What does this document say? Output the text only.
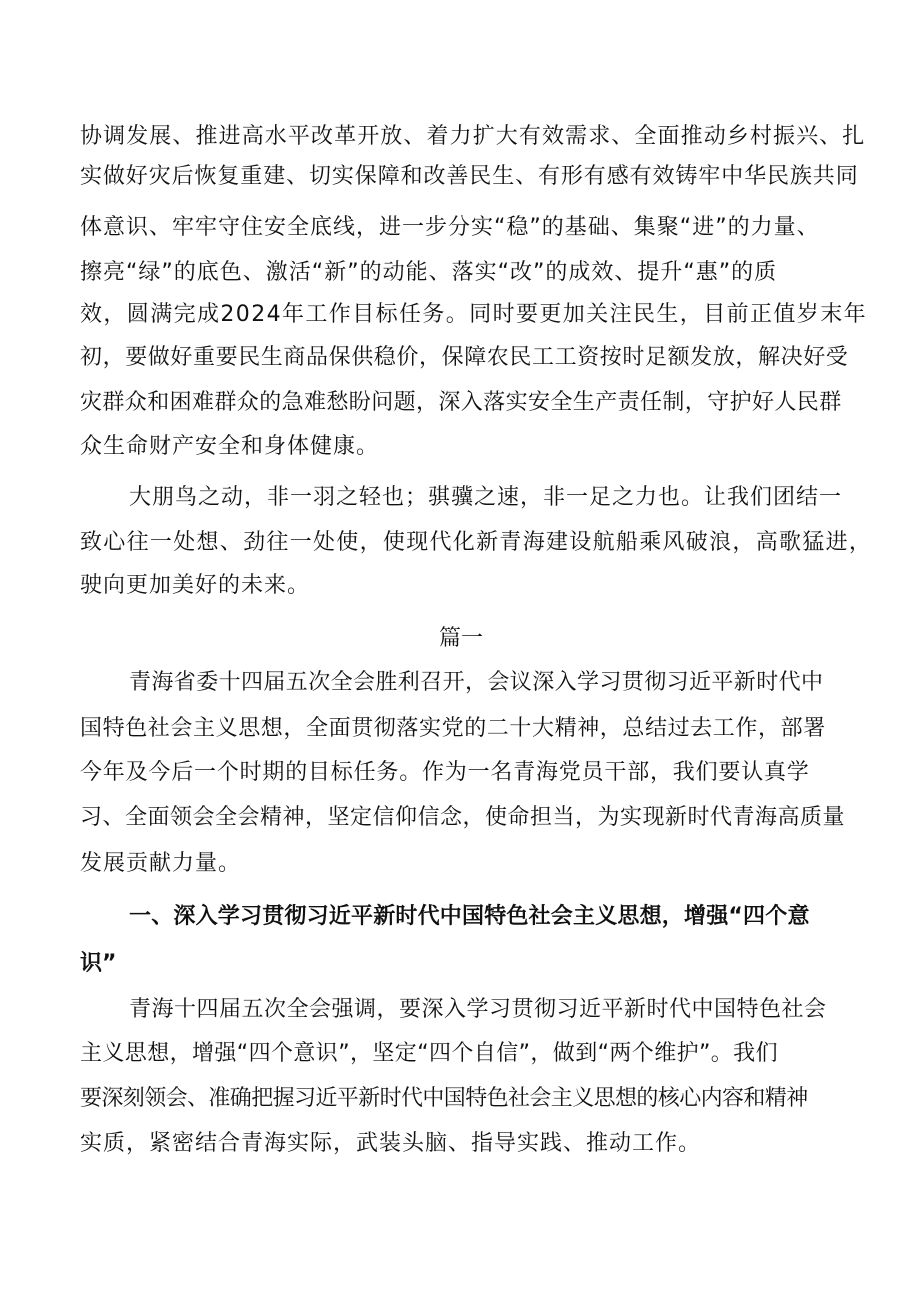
协调发展、推进高水平改革开放、着力扩大有效需求、全面推动乡村振兴、扎
实做好灾后恢复重建、切实保障和改善民生、有形有感有效铸牢中华民族共同
体意识、牢牢守住安全底线，进一步分实“稳”的基础、集聚“进”的力量、
擦亮“绿”的底色、激活“新”的动能、落实“改”的成效、提升“惠”的质
效，圆满完成2024年工作目标任务。同时要更加关注民生，目前正值岁末年
初，要做好重要民生商品保供稳价，保障农民工工资按时足额发放，解决好受
灾群众和困难群众的急难愁盼问题，深入落实安全生产责任制，守护好人民群
众生命财产安全和身体健康。
大朋鸟之动，非一羽之轻也；骐骥之速，非一足之力也。让我们团结一
致心往一处想、劲往一处使，使现代化新青海建设航船乘风破浪，高歌猛进，
驶向更加美好的未来。
篇一
青海省委十四届五次全会胜利召开，会议深入学习贯彻习近平新时代中
国特色社会主义思想，全面贯彻落实党的二十大精神，总结过去工作，部署
今年及今后一个时期的目标任务。作为一名青海党员干部，我们要认真学
习、全面领会全会精神，坚定信仰信念，使命担当，为实现新时代青海高质量
发展贡献力量。
一、深入学习贯彻习近平新时代中国特色社会主义思想，增强“四个意
识”
青海十四届五次全会强调，要深入学习贯彻习近平新时代中国特色社会
主义思想，增强“四个意识”，坚定“四个自信”，做到“两个维护”。我们
要深刻领会、准确把握习近平新时代中国特色社会主义思想的核心内容和精神
实质，紧密结合青海实际，武装头脑、指导实践、推动工作。
